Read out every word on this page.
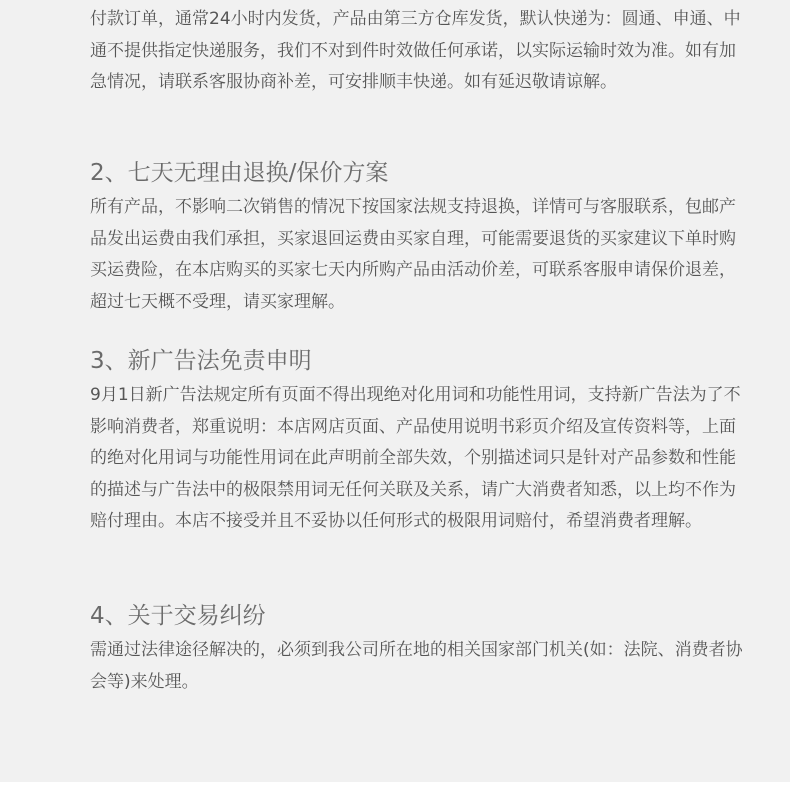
付款订单，通常24小时内发货，产品由第三方仓库发货，默认快递为：圆通、申通、中通不提供指定快递服务，我们不对到件时效做任何承诺，以实际运输时效为准。如有加急情况，请联系客服协商补差，可安排顺丰快递。如有延迟敬请谅解。

2、七天无理由退换/保价方案

所有产品，不影响二次销售的情况下按国家法规支持退换，详情可与客服联系，包邮产品发出运费由我们承担，买家退回运费由买家自理，可能需要退货的买家建议下单时购买运费险，在本店购买的买家七天内所购产品由活动价差，可联系客服申请保价退差，超过七天概不受理，请买家理解。

3、新广告法免责申明

9月1日新广告法规定所有页面不得出现绝对化用词和功能性用词，支持新广告法为了不影响消费者，郑重说明：本店网店页面、产品使用说明书彩页介绍及宣传资料等，上面的绝对化用词与功能性用词在此声明前全部失效，个别描述词只是针对产品参数和性能的描述与广告法中的极限禁用词无任何关联及关系，请广大消费者知悉，以上均不作为赔付理由。本店不接受并且不妥协以任何形式的极限用词赔付，希望消费者理解。

4、关于交易纠纷

需通过法律途径解决的，必须到我公司所在地的相关国家部门机关(如：法院、消费者协会等)来处理。
